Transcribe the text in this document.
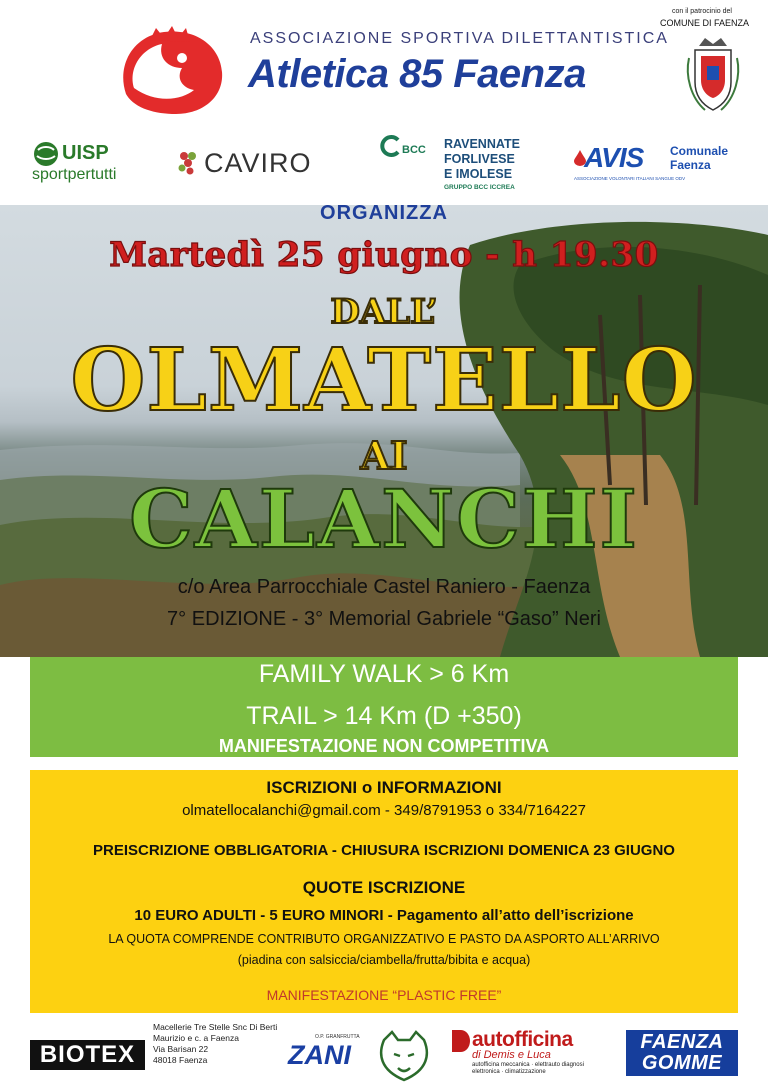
ASSOCIAZIONE SPORTIVA DILETTANTISTICA
Atletica 85 Faenza
con il patrocinio del
COMUNE DI FAENZA
UISP
sportpertutti	CAVIRO	BCC RAVENNATE
FORLIVESE
E IMOLESE
GRUPPO BCC ICCREA
AVIS Comunale
Faenza
ASSOCIAZIONE VOLONTARI ITALIANI SANGUE ODV
ORGANIZZA
Martedì 25 giugno - h 19.30
DALL’
OLMATELLO
AI
CALANCHI
c/o Area Parrocchiale Castel Raniero - Faenza
7° EDIZIONE - 3° Memorial Gabriele “Gaso” Neri
FAMILY WALK > 6 Km
TRAIL > 14 Km (D +350)
MANIFESTAZIONE NON COMPETITIVA
ISCRIZIONI o INFORMAZIONI
olmatellocalanchi@gmail.com - 349/8791953 o 334/7164227
PREISCRIZIONE OBBLIGATORIA - CHIUSURA ISCRIZIONI DOMENICA 23 GIUGNO
QUOTE ISCRIZIONE
10 EURO ADULTI - 5 EURO MINORI - Pagamento all’atto dell’iscrizione
LA QUOTA COMPRENDE CONTRIBUTO ORGANIZZATIVO E PASTO DA ASPORTO ALL’ARRIVO
(piadina con salsiccia/ciambella/frutta/bibita e acqua)
MANIFESTAZIONE “PLASTIC FREE”
BIOTEX
Macellerie Tre Stelle Snc Di Berti
Maurizio e c. a Faenza
Via Barisan 22
48018 Faenza
O.P. GRANFRUTTA
ZANI
autofficina
di Demis e Luca
autofficina meccanica · elettrauto diagnosi elettronica · climatizzazione
FAENZA
GOMME
